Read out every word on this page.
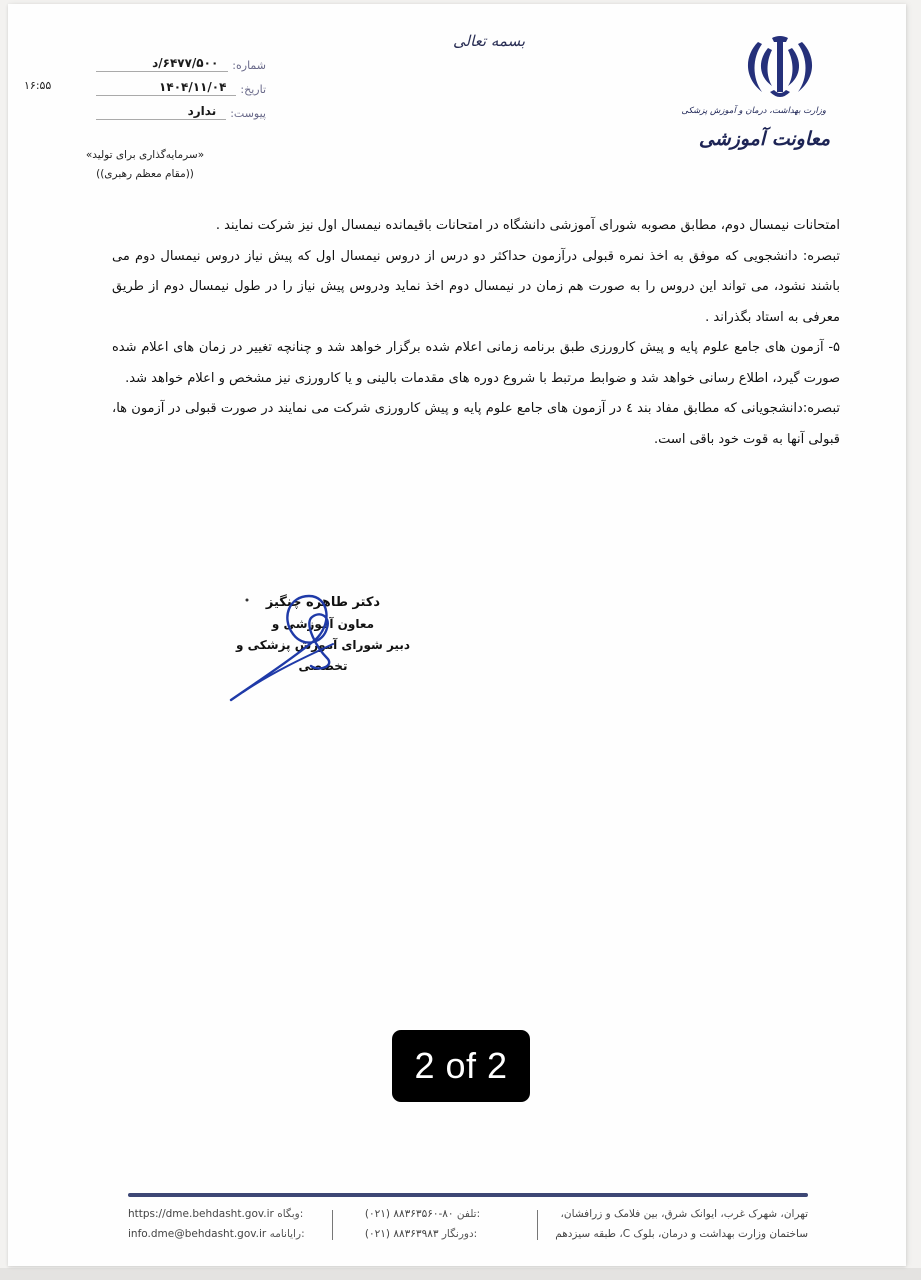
۱۶:۵۵
شماره:
۶۴۷۷/۵۰۰/د
تاریخ:
۱۴۰۴/۱۱/۰۴
پیوست:
ندارد
بسمه تعالی
«سرمایه‌گذاری برای تولید»
((مقام معظم رهبری))
وزارت بهداشت، درمان و آموزش پزشکی
معاونت آموزشی

امتحانات نیمسال دوم، مطابق مصوبه شورای آموزشی دانشگاه در امتحانات باقیمانده نیمسال اول نیز شرکت نمایند .

تبصره: دانشجویی که موفق به اخذ نمره قبولی درآزمون حداکثر دو درس از دروس نیمسال اول که پیش نیاز دروس نیمسال دوم می باشند نشود، می تواند این دروس را به صورت هم زمان در نیمسال دوم اخذ نماید ودروس پیش نیاز را در طول نیمسال دوم از طریق معرفی به استاد بگذراند .

۵- آزمون های جامع علوم پایه و پیش کارورزی طبق برنامه زمانی اعلام شده برگزار خواهد شد و چنانچه تغییر در زمان های اعلام شده صورت گیرد، اطلاع رسانی خواهد شد و ضوابط مرتبط با شروع دوره های مقدمات بالینی و یا کارورزی نیز مشخص و اعلام خواهد شد.

تبصره:دانشجویانی که مطابق مفاد بند ٤ در آزمون های جامع علوم پایه و پیش کارورزی شرکت می نمایند در صورت قبولی در آزمون ها، قبولی آنها به قوت خود باقی است.

دکتر طاهره چنگیز
معاون آموزشی و
دبیر شورای آموزش پزشکی و تخصصی
https://dme.behdasht.gov.ir وبگاه:
info.dme@behdasht.gov.ir رایانامه:
(۰۲۱) ۸۸۳۶۳۵۶۰-۸۰ تلفن:
(۰۲۱) ۸۸۳۶۳۹۸۳ دورنگار:
تهران، شهرک غرب، ایوانک شرق، بین فلامک و زرافشان،
ساختمان وزارت بهداشت و درمان، بلوک C، طبقه سیزدهم
2 of 2
